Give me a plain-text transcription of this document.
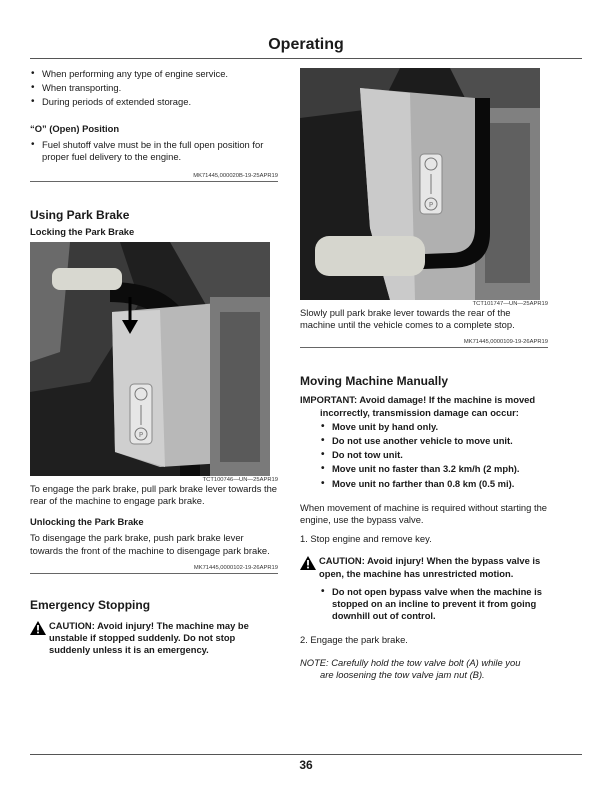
Operating
• When performing any type of engine service.
• When transporting.
• During periods of extended storage.
“O” (Open) Position
• Fuel shutoff valve must be in the full open position for proper fuel delivery to the engine.
MK71445,000020B-19-25APR19
Using Park Brake
Locking the Park Brake
P
TCT100746—UN—25APR19
To engage the park brake, pull park brake lever towards the rear of the machine to engage park brake.
Unlocking the Park Brake
To disengage the park brake, push park brake lever towards the front of the machine to disengage park brake.
MK71445,0000102-19-26APR19
Emergency Stopping
CAUTION: Avoid injury! The machine may be unstable if stopped suddenly. Do not stop suddenly unless it is an emergency.
P
TCT101747—UN—25APR19
Slowly pull park brake lever towards the rear of the machine until the vehicle comes to a complete stop.
MK71445,0000109-19-26APR19
Moving Machine Manually
IMPORTANT: Avoid damage! If the machine is moved incorrectly, transmission damage can occur:
• Move unit by hand only.
• Do not use another vehicle to move unit.
• Do not tow unit.
• Move unit no faster than 3.2 km/h (2 mph).
• Move unit no farther than 0.8 km (0.5 mi).
When movement of machine is required without starting the engine, use the bypass valve.
1. Stop engine and remove key.
CAUTION: Avoid injury! When the bypass valve is open, the machine has unrestricted motion.
• Do not open bypass valve when the machine is stopped on an incline to prevent it from going downhill out of control.
2. Engage the park brake.
NOTE: Carefully hold the tow valve bolt (A) while you
are loosening the tow valve jam nut (B).
36
